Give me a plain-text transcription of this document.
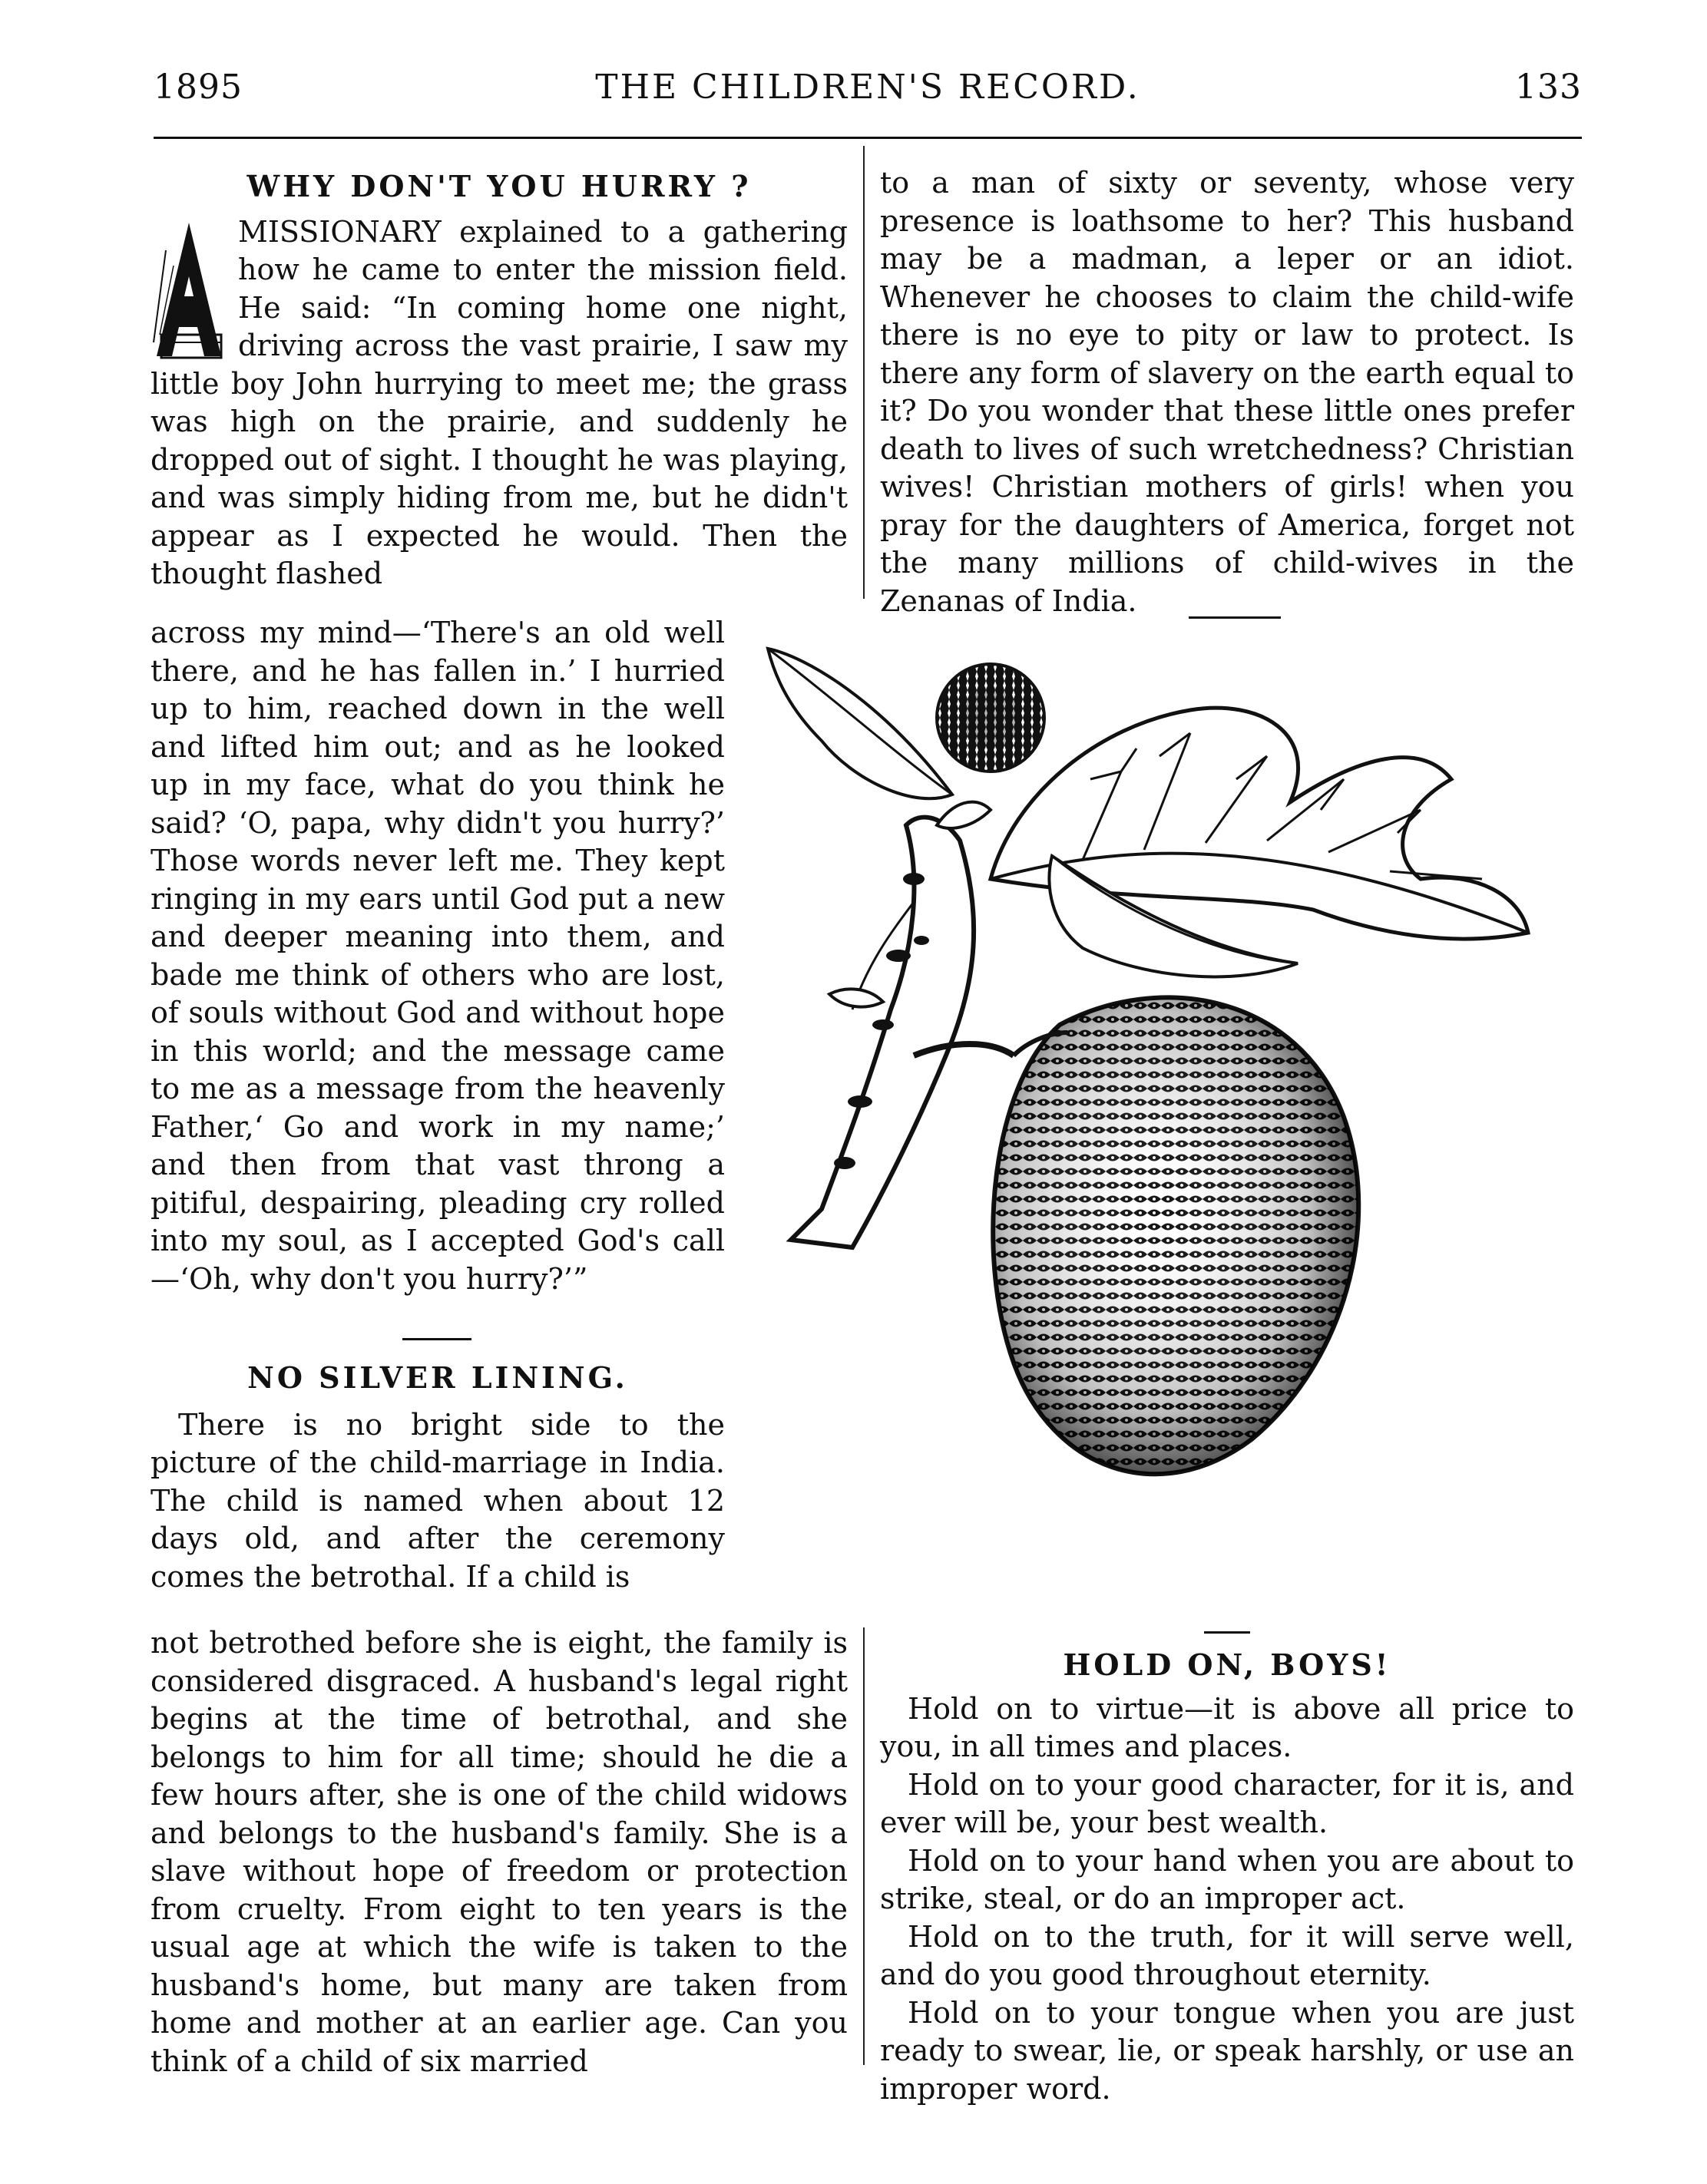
1895	THE CHILDREN'S RECORD.	133

WHY DON'T YOU HURRY ?

MISSIONARY explained to a gathering how he came to enter the mission field. He said: “In coming home one night, driving across the vast prairie, I saw my little boy John hurrying to meet me; the grass was high on the prairie, and suddenly he dropped out of sight. I thought he was playing, and was simply hiding from me, but he didn't appear as I expected he would. Then the thought flashed

across my mind—‘There's an old well there, and he has fallen in.’ I hurried up to him, reached down in the well and lifted him out; and as he looked up in my face, what do you think he said? ‘O, papa, why didn't you hurry?’ Those words never left me. They kept ringing in my ears until God put a new and deeper meaning into them, and bade me think of others who are lost, of souls without God and without hope in this world; and the message came to me as a message from the heavenly Father,‘ Go and work in my name;’ and then from that vast throng a pitiful, despairing, pleading cry rolled into my soul, as I accepted God's call—‘Oh, why don't you hurry?’”

NO SILVER LINING.

There is no bright side to the picture of the child-marriage in India. The child is named when about 12 days old, and after the ceremony comes the betrothal. If a child is

not betrothed before she is eight, the family is considered disgraced. A husband's legal right begins at the time of betrothal, and she belongs to him for all time; should he die a few hours after, she is one of the child widows and belongs to the husband's family. She is a slave without hope of freedom or protection from cruelty. From eight to ten years is the usual age at which the wife is taken to the husband's home, but many are taken from home and mother at an earlier age. Can you think of a child of six married

to a man of sixty or seventy, whose very presence is loathsome to her? This husband may be a madman, a leper or an idiot. Whenever he chooses to claim the child-wife there is no eye to pity or law to protect. Is there any form of slavery on the earth equal to it? Do you wonder that these little ones prefer death to lives of such wretchedness? Christian wives! Christian mothers of girls! when you pray for the daughters of America, forget not the many millions of child-wives in the Zenanas of India.

HOLD ON, BOYS!

Hold on to virtue—it is above all price to you, in all times and places.

Hold on to your good character, for it is, and ever will be, your best wealth.

Hold on to your hand when you are about to strike, steal, or do an improper act.

Hold on to the truth, for it will serve well, and do you good throughout eternity.

Hold on to your tongue when you are just ready to swear, lie, or speak harshly, or use an improper word.
